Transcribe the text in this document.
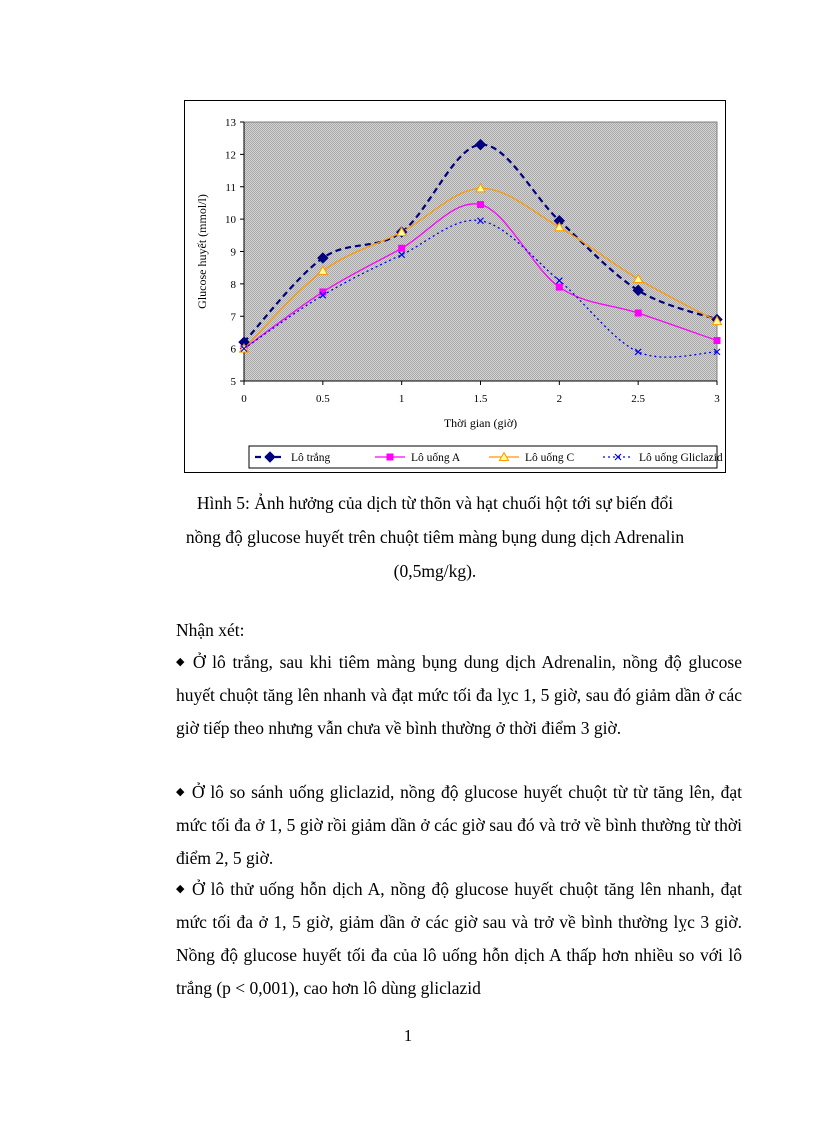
5
6
7
8
9
10
11
12
13
0	0.5	1	1.5	2	2.5	3
Thời gian (giờ)
Glucose huyết (mmol/l)
Lô trắng	Lô uống A	Lô uống C	Lô uống Gliclazid
Hình 5: Ảnh hưởng của dịch từ thõn và hạt chuối hột tới sự biến đổi
nồng độ glucose huyết trên chuột tiêm màng bụng dung dịch Adrenalin
(0,5mg/kg).
Nhận xét:
◆ Ở lô trắng, sau khi tiêm màng bụng dung dịch Adrenalin, nồng độ glucose huyết chuột tăng lên nhanh và đạt mức tối đa lỵc 1, 5 giờ, sau đó giảm dần ở các giờ tiếp theo nhưng vẫn chưa về bình thường ở thời điểm 3 giờ.
◆ Ở lô so sánh uống gliclazid, nồng độ glucose huyết chuột từ từ tăng lên, đạt mức tối đa ở 1, 5 giờ rồi giảm dần ở các giờ sau đó và trở về bình thường từ thời điểm 2, 5 giờ.
◆ Ở lô thử uống hỗn dịch A, nồng độ glucose huyết chuột tăng lên nhanh, đạt mức tối đa ở 1, 5 giờ, giảm dần ở các giờ sau và trở về bình thường lỵc 3 giờ. Nồng độ glucose huyết tối đa của lô uống hỗn dịch A thấp hơn nhiều so với lô trắng (p < 0,001), cao hơn lô dùng gliclazid
1
